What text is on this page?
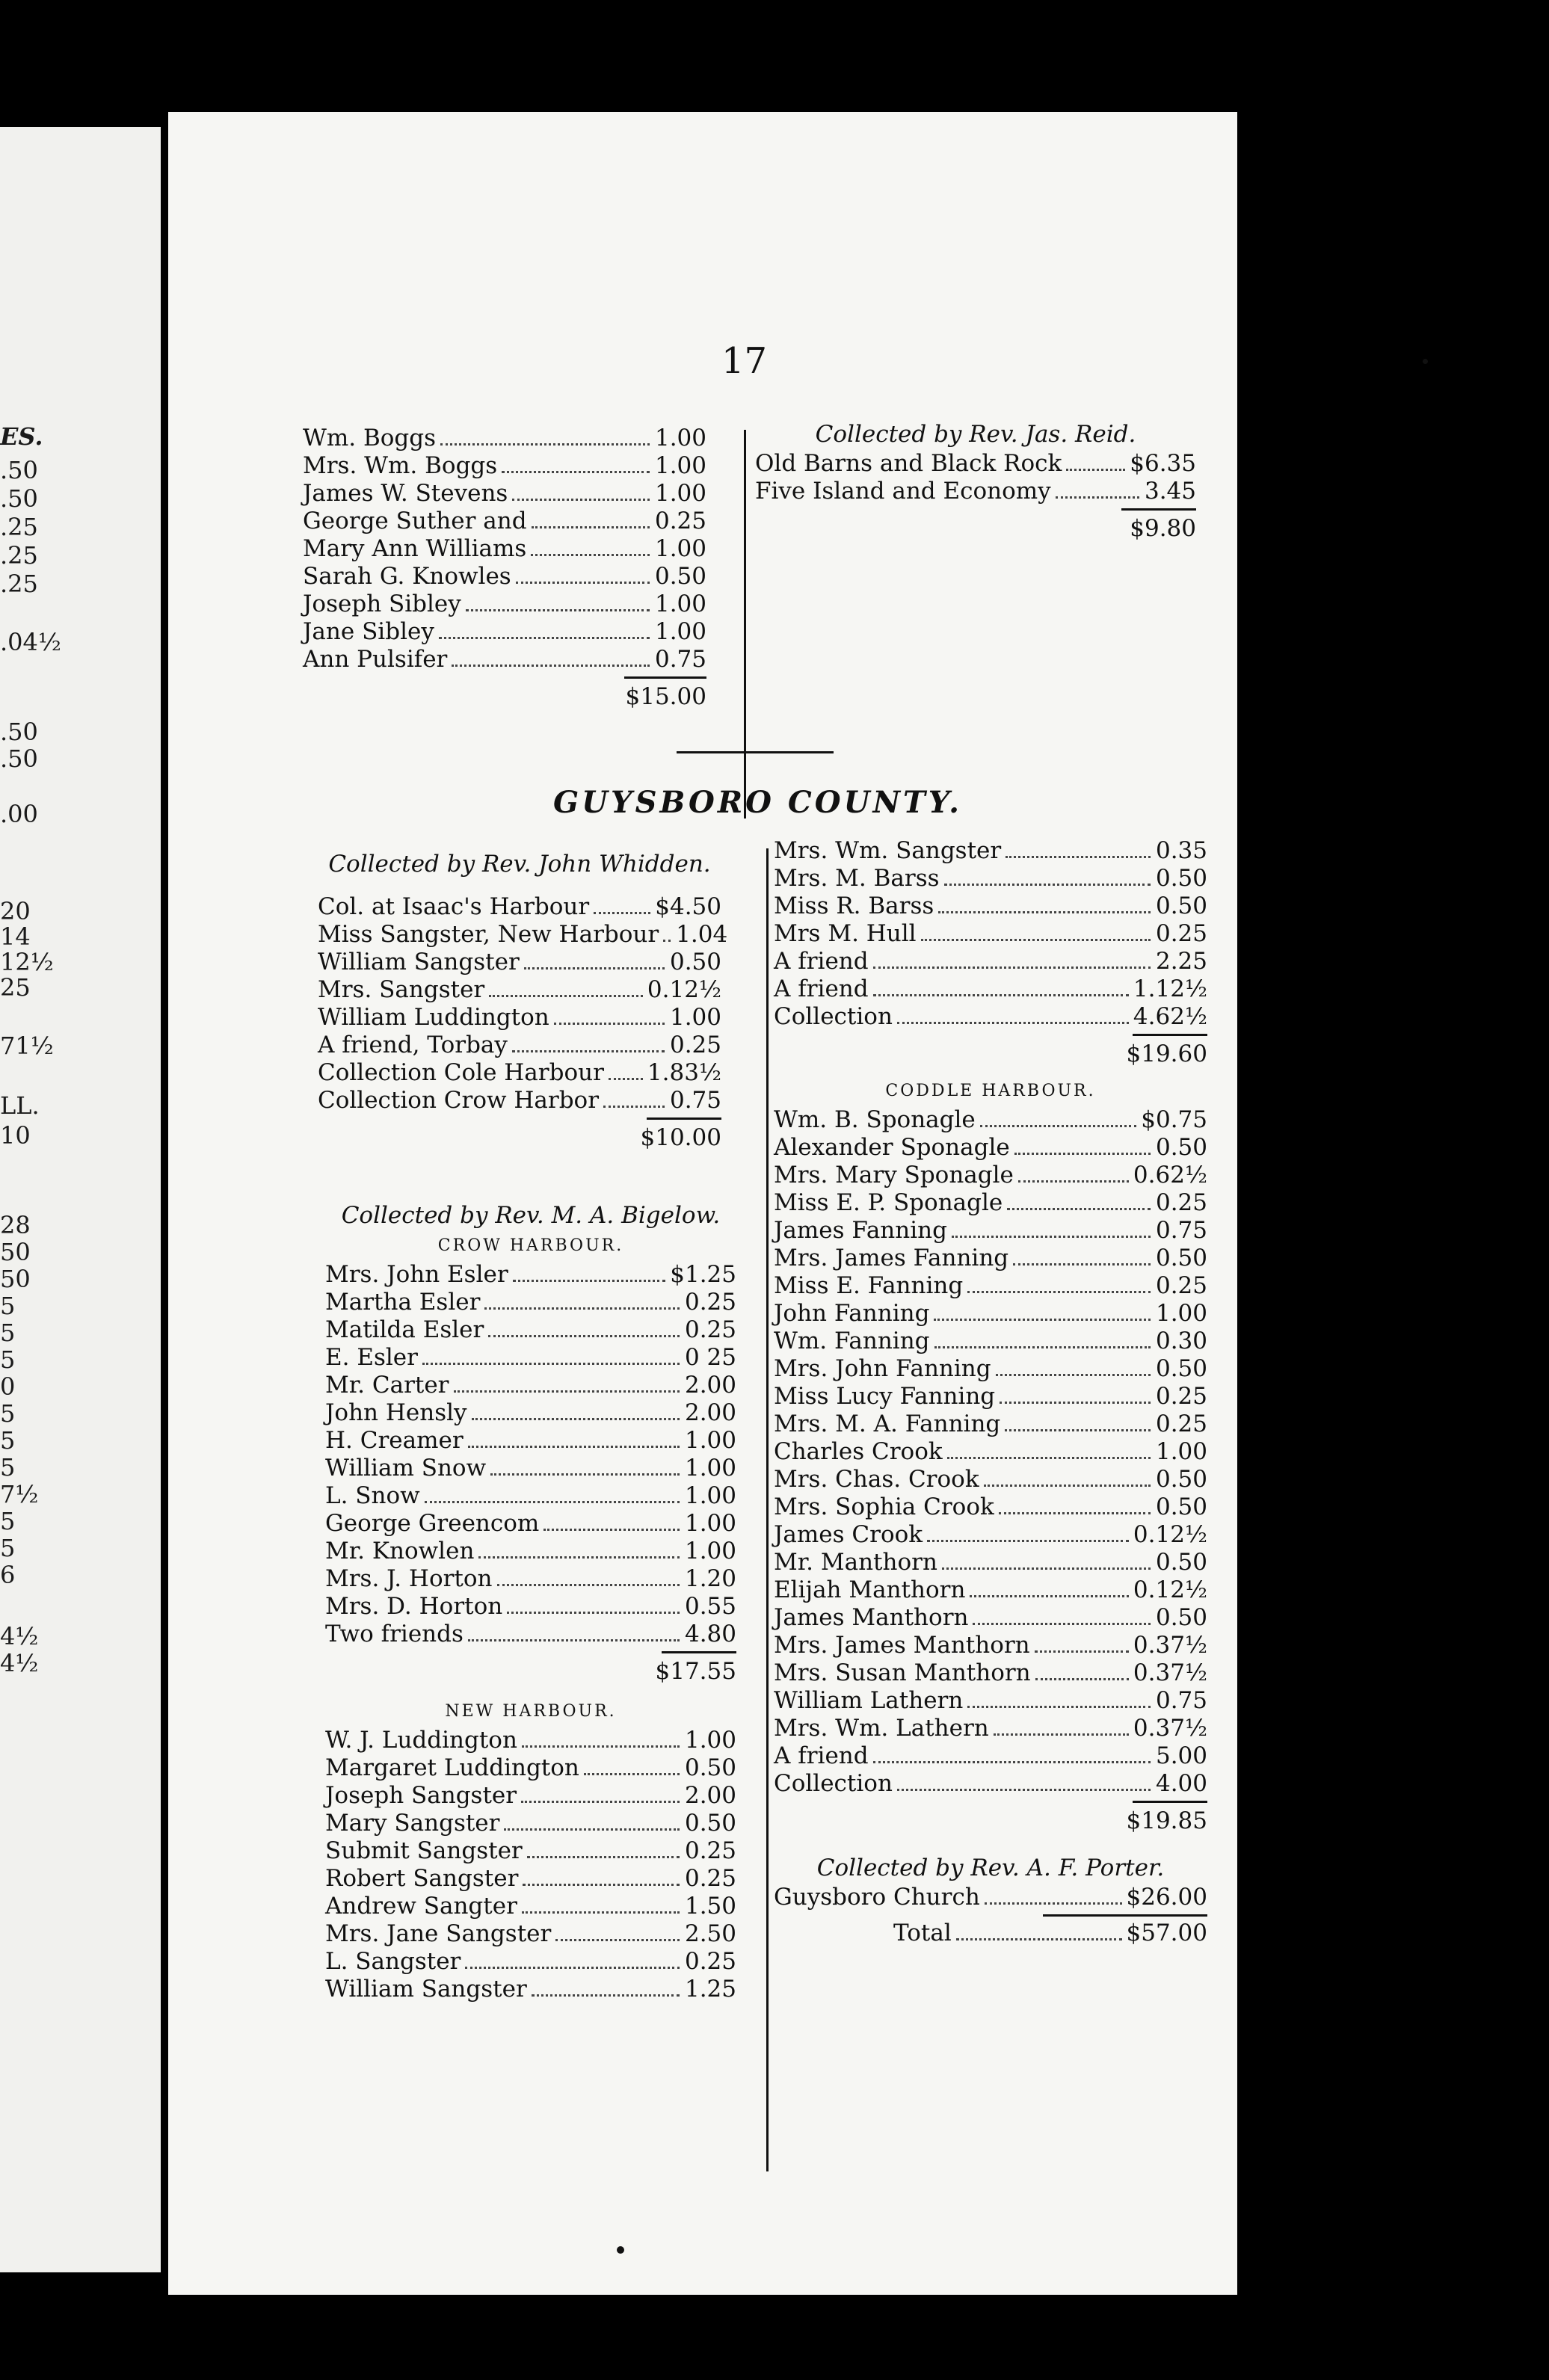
ES.
.50
.50
.25
.25
.25
.04½
.50
.50
.00
20
14
12½
25
71½
LL.
10
28
50
50
5
5
5
0
5
5
5
7½
5
5
6
4½
4½
17
Wm. Boggs	1.00
Mrs. Wm. Boggs	1.00
James W. Stevens	1.00
George Suther and	0.25
Mary Ann Williams	1.00
Sarah G. Knowles	0.50
Joseph Sibley	1.00
Jane Sibley	1.00
Ann Pulsifer	0.75
$15.00
Collected by Rev. Jas. Reid.
Old Barns and Black Rock	$6.35
Five Island and Economy	3.45
$9.80
GUYSBORO COUNTY.
Collected by Rev. John Whidden.
Col. at Isaac's Harbour	$4.50
Miss Sangster, New Harbour 1.04
William Sangster	0.50
Mrs. Sangster	0.12½
William Luddington	1.00
A friend, Torbay	0.25
Collection Cole Harbour 1.83½
Collection Crow Harbor	0.75
$10.00
Collected by Rev. M. A. Bigelow.
CROW HARBOUR.
Mrs. John Esler	$1.25
Martha Esler	0.25
Matilda Esler	0.25
E. Esler	0 25
Mr. Carter	2.00
John Hensly	2.00
H. Creamer	1.00
William Snow	1.00
L. Snow	1.00
George Greencom	1.00
Mr. Knowlen	1.00
Mrs. J. Horton	1.20
Mrs. D. Horton	0.55
Two friends	4.80
$17.55
NEW HARBOUR.
W. J. Luddington	1.00
Margaret Luddington	0.50
Joseph Sangster	2.00
Mary Sangster	0.50
Submit Sangster	0.25
Robert Sangster	0.25
Andrew Sangter	1.50
Mrs. Jane Sangster	2.50
L. Sangster	0.25
William Sangster	1.25
Mrs. Wm. Sangster	0.35
Mrs. M. Barss	0.50
Miss R. Barss	0.50
Mrs M. Hull	0.25
A friend	2.25
A friend	1.12½
Collection	4.62½
$19.60
CODDLE HARBOUR.
Wm. B. Sponagle	$0.75
Alexander Sponagle	0.50
Mrs. Mary Sponagle	0.62½
Miss E. P. Sponagle	0.25
James Fanning	0.75
Mrs. James Fanning	0.50
Miss E. Fanning	0.25
John Fanning	1.00
Wm. Fanning	0.30
Mrs. John Fanning	0.50
Miss Lucy Fanning	0.25
Mrs. M. A. Fanning	0.25
Charles Crook	1.00
Mrs. Chas. Crook	0.50
Mrs. Sophia Crook	0.50
James Crook	0.12½
Mr. Manthorn	0.50
Elijah Manthorn	0.12½
James Manthorn	0.50
Mrs. James Manthorn	0.37½
Mrs. Susan Manthorn	0.37½
William Lathern	0.75
Mrs. Wm. Lathern	0.37½
A friend	5.00
Collection	4.00
$19.85
Collected by Rev. A. F. Porter.
Guysboro Church	$26.00
Total	$57.00
